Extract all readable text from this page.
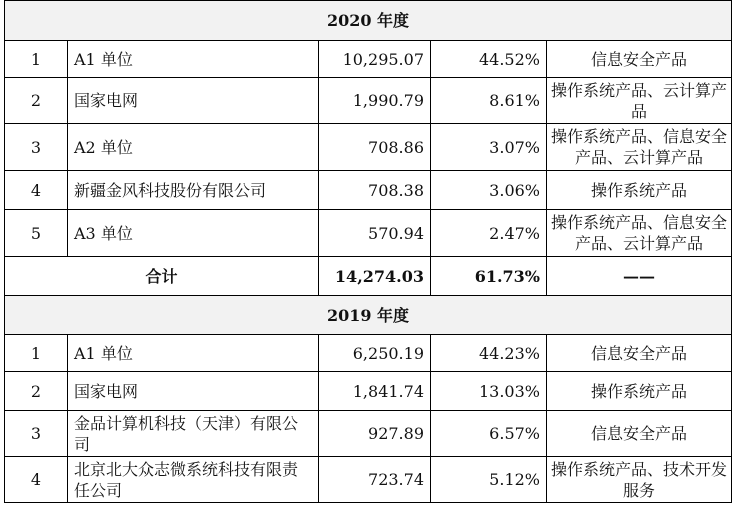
2020 年度				
1	A1 单位	10,295.07	44.52%	信息安全产品
2	国家电网	1,990.79	8.61%	操作系统产品、云计算产品
3	A2 单位	708.86	3.07%	操作系统产品、信息安全产品、云计算产品
4	新疆金风科技股份有限公司	708.38	3.06%	操作系统产品
5	A3 单位	570.94	2.47%	操作系统产品、信息安全产品、云计算产品
合计		14,274.03	61.73%	——
2019 年度				
1	A1 单位	6,250.19	44.23%	信息安全产品
2	国家电网	1,841.74	13.03%	操作系统产品
3	金品计算机科技（天津）有限公司	927.89	6.57%	信息安全产品
4	北京北大众志微系统科技有限责任公司	723.74	5.12%	操作系统产品、技术开发服务
